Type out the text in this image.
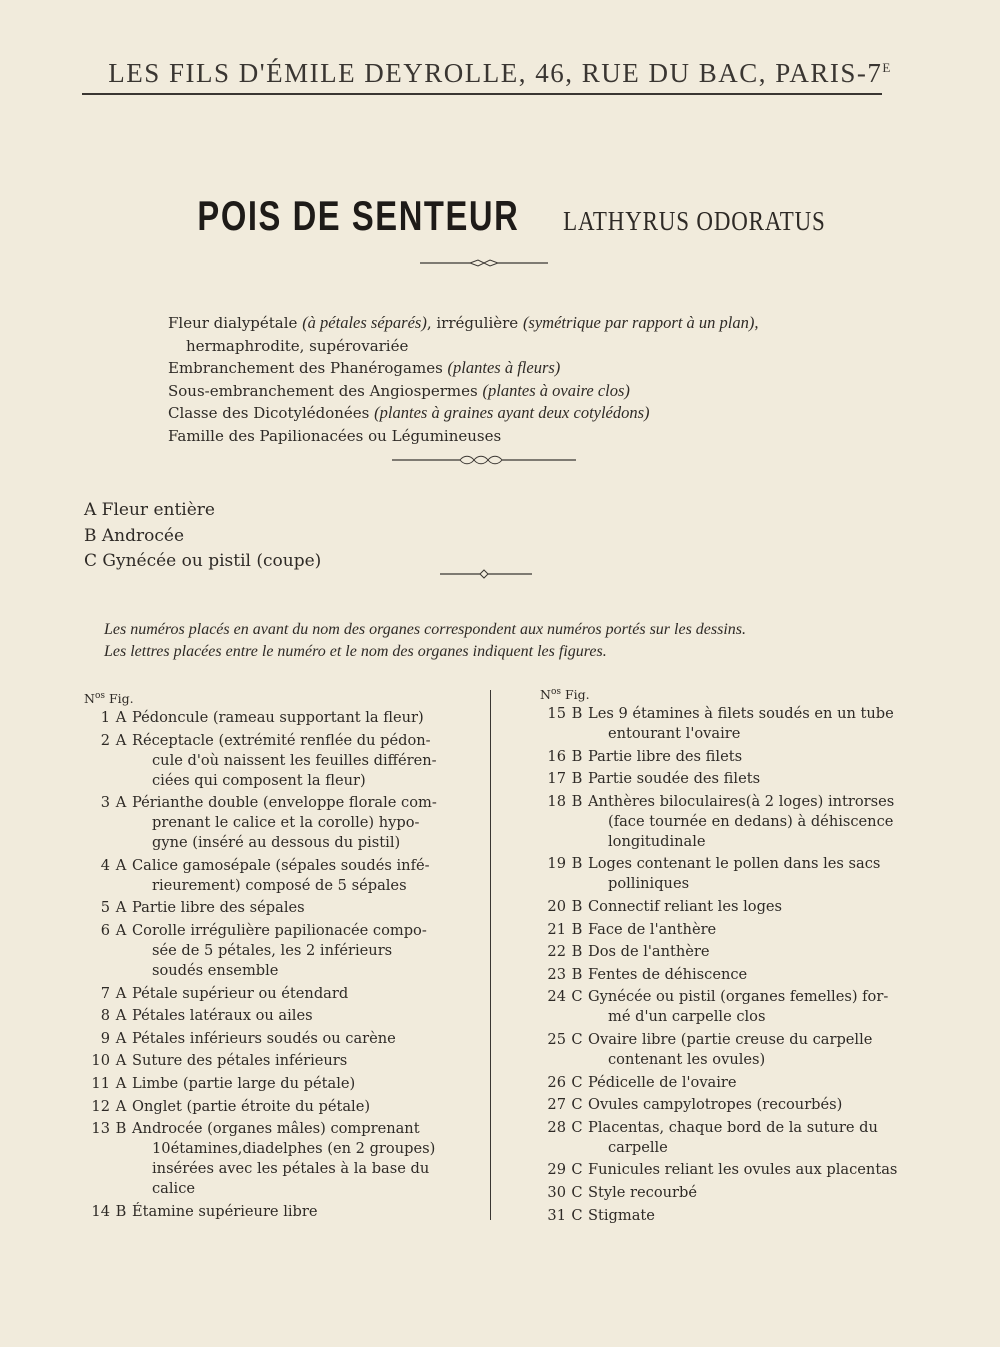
LES FILS D'ÉMILE DEYROLLE, 46, RUE DU BAC, PARIS-$7^E$
POIS DE SENTEUR LATHYRUS ODORATUS
Fleur dialypétale (à pétales séparés), irrégulière (symétrique par rapport à un plan),
hermaphrodite, supérovariée
Embranchement des Phanérogames (plantes à fleurs)
Sous-embranchement des Angiospermes (plantes à ovaire clos)
Classe des Dicotylédonées (plantes à graines ayant deux cotylédons)
Famille des Papilionacées ou Légumineuses
A Fleur entière
B Androcée
C Gynécée ou pistil (coupe)
Les numéros placés en avant du nom des organes correspondent aux numéros portés sur les dessins.
Les lettres placées entre le numéro et le nom des organes indiquent les figures.
$N^{os}$ Fig.
1 A Pédoncule (rameau supportant la fleur)
2 A Réceptacle (extrémité renflée du pédon-
cule d'où naissent les feuilles différen-
ciées qui composent la fleur)
3 A Périanthe double (enveloppe florale com-
prenant le calice et la corolle) hypo-
gyne (inséré au dessous du pistil)
4 A Calice gamosépale (sépales soudés infé-
rieurement) composé de 5 sépales
5 A Partie libre des sépales
6 A Corolle irrégulière papilionacée compo-
sée de 5 pétales, les 2 inférieurs
soudés ensemble
7 A Pétale supérieur ou étendard
8 A Pétales latéraux ou ailes
9 A Pétales inférieurs soudés ou carène
10 A Suture des pétales inférieurs
11 A Limbe (partie large du pétale)
12 A Onglet (partie étroite du pétale)
13 B Androcée (organes mâles) comprenant
10étamines,diadelphes (en 2 groupes)
insérées avec les pétales à la base du
calice
14 B Étamine supérieure libre
$N^{os}$ Fig.
15 B Les 9 étamines à filets soudés en un tube
entourant l'ovaire
16 B Partie libre des filets
17 B Partie soudée des filets
18 B Anthères biloculaires(à 2 loges) introrses
(face tournée en dedans) à déhiscence
longitudinale
19 B Loges contenant le pollen dans les sacs
polliniques
20 B Connectif reliant les loges
21 B Face de l'anthère
22 B Dos de l'anthère
23 B Fentes de déhiscence
24 C Gynécée ou pistil (organes femelles) for-
mé d'un carpelle clos
25 C Ovaire libre (partie creuse du carpelle
contenant les ovules)
26 C Pédicelle de l'ovaire
27 C Ovules campylotropes (recourbés)
28 C Placentas, chaque bord de la suture du
carpelle
29 C Funicules reliant les ovules aux placentas
30 C Style recourbé
31 C Stigmate
